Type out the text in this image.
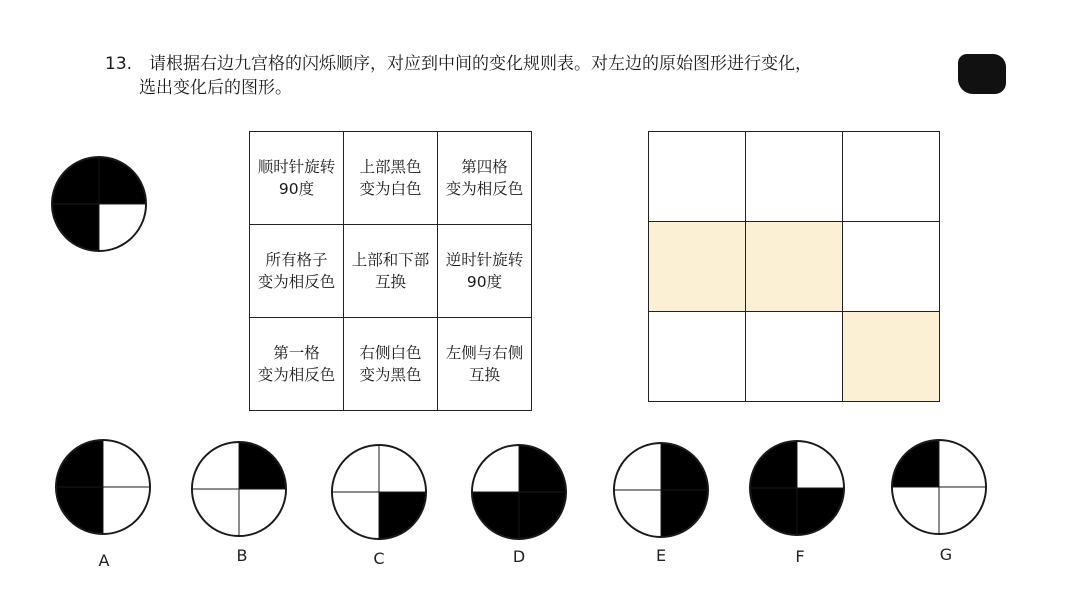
13. 请根据右边九宫格的闪烁顺序，对应到中间的变化规则表。对左边的原始图形进行变化，
选出变化后的图形。

顺时针旋转
90度	上部黑色
变为白色	第四格
变为相反色

所有格子
变为相反色	上部和下部
互换	逆时针旋转
90度

第一格
变为相反色	右侧白色
变为黑色	左侧与右侧
互换

A	B	C	D	E	F	G
